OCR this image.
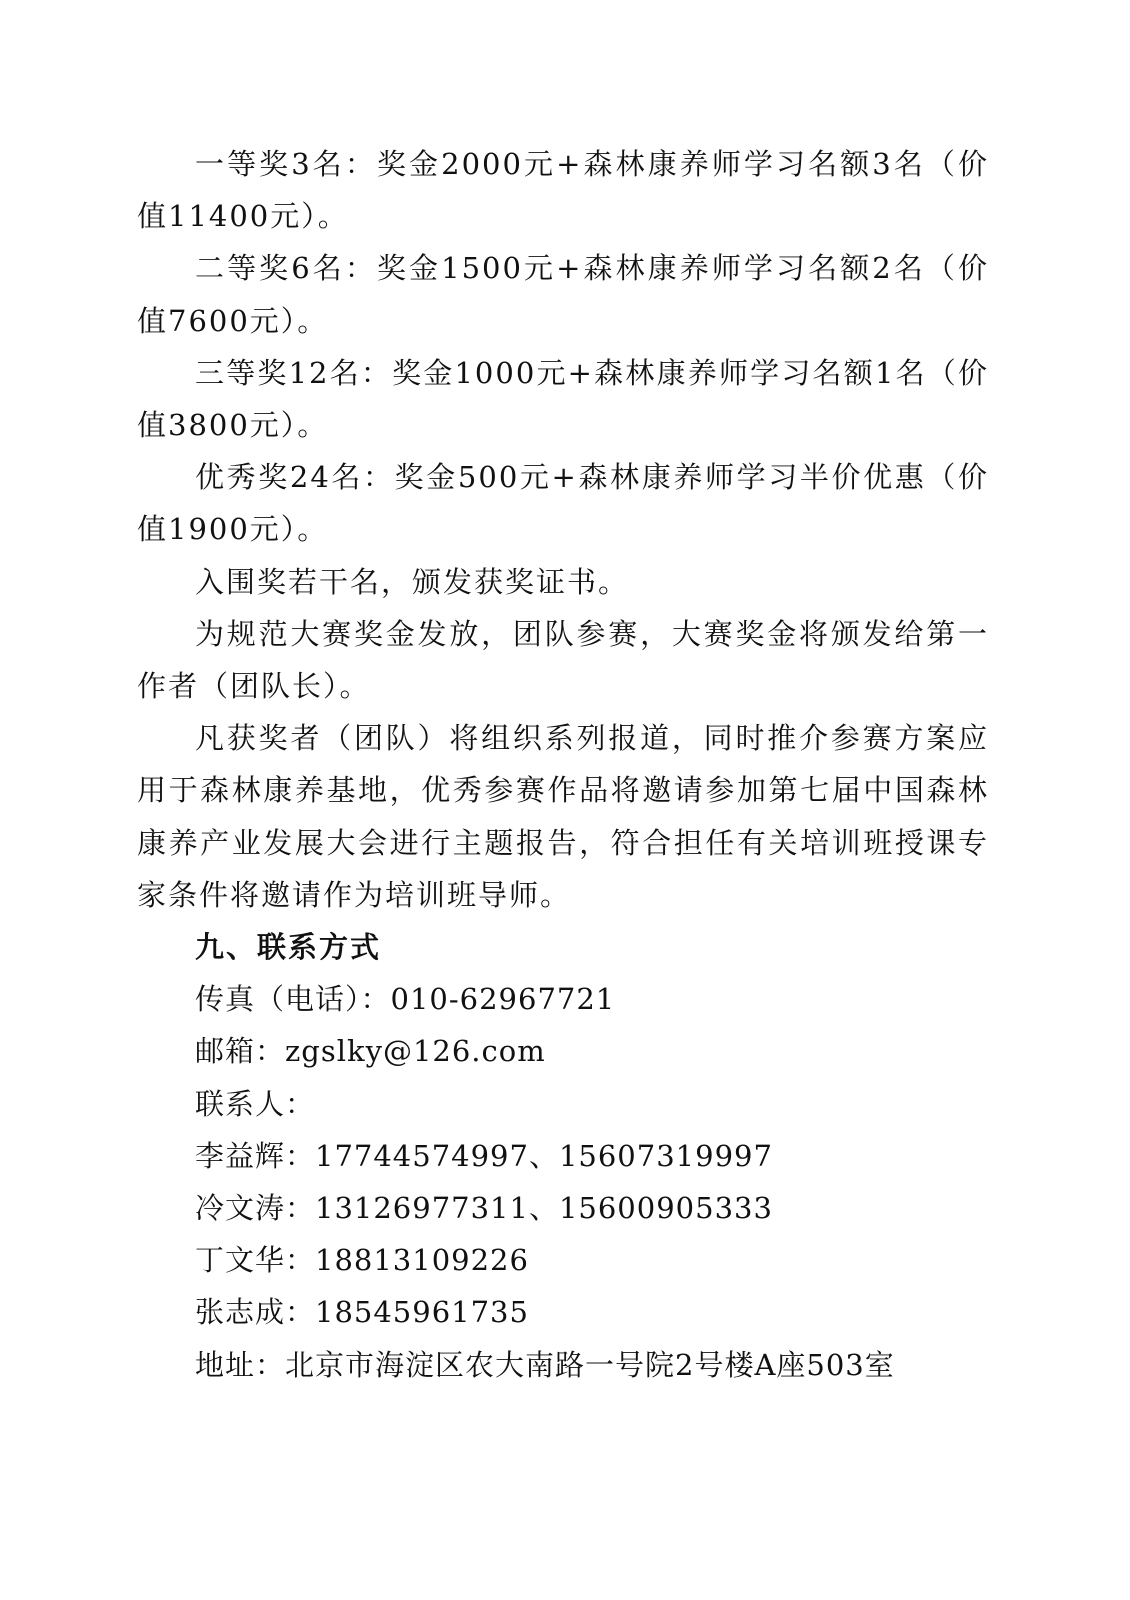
一等奖3名：奖金2000元+森林康养师学习名额3名（价值11400元）。

二等奖6名：奖金1500元+森林康养师学习名额2名（价值7600元）。

三等奖12名：奖金1000元+森林康养师学习名额1名（价值3800元）。

优秀奖24名：奖金500元+森林康养师学习半价优惠（价值1900元）。

入围奖若干名，颁发获奖证书。

为规范大赛奖金发放，团队参赛，大赛奖金将颁发给第一作者（团队长）。

凡获奖者（团队）将组织系列报道，同时推介参赛方案应用于森林康养基地，优秀参赛作品将邀请参加第七届中国森林康养产业发展大会进行主题报告，符合担任有关培训班授课专家条件将邀请作为培训班导师。

九、联系方式

传真（电话）：010-62967721

邮箱：zgslky@126.com

联系人：

李益辉：17744574997、15607319997

冷文涛：13126977311、15600905333

丁文华：18813109226

张志成：18545961735

地址：北京市海淀区农大南路一号院2号楼A座503室
